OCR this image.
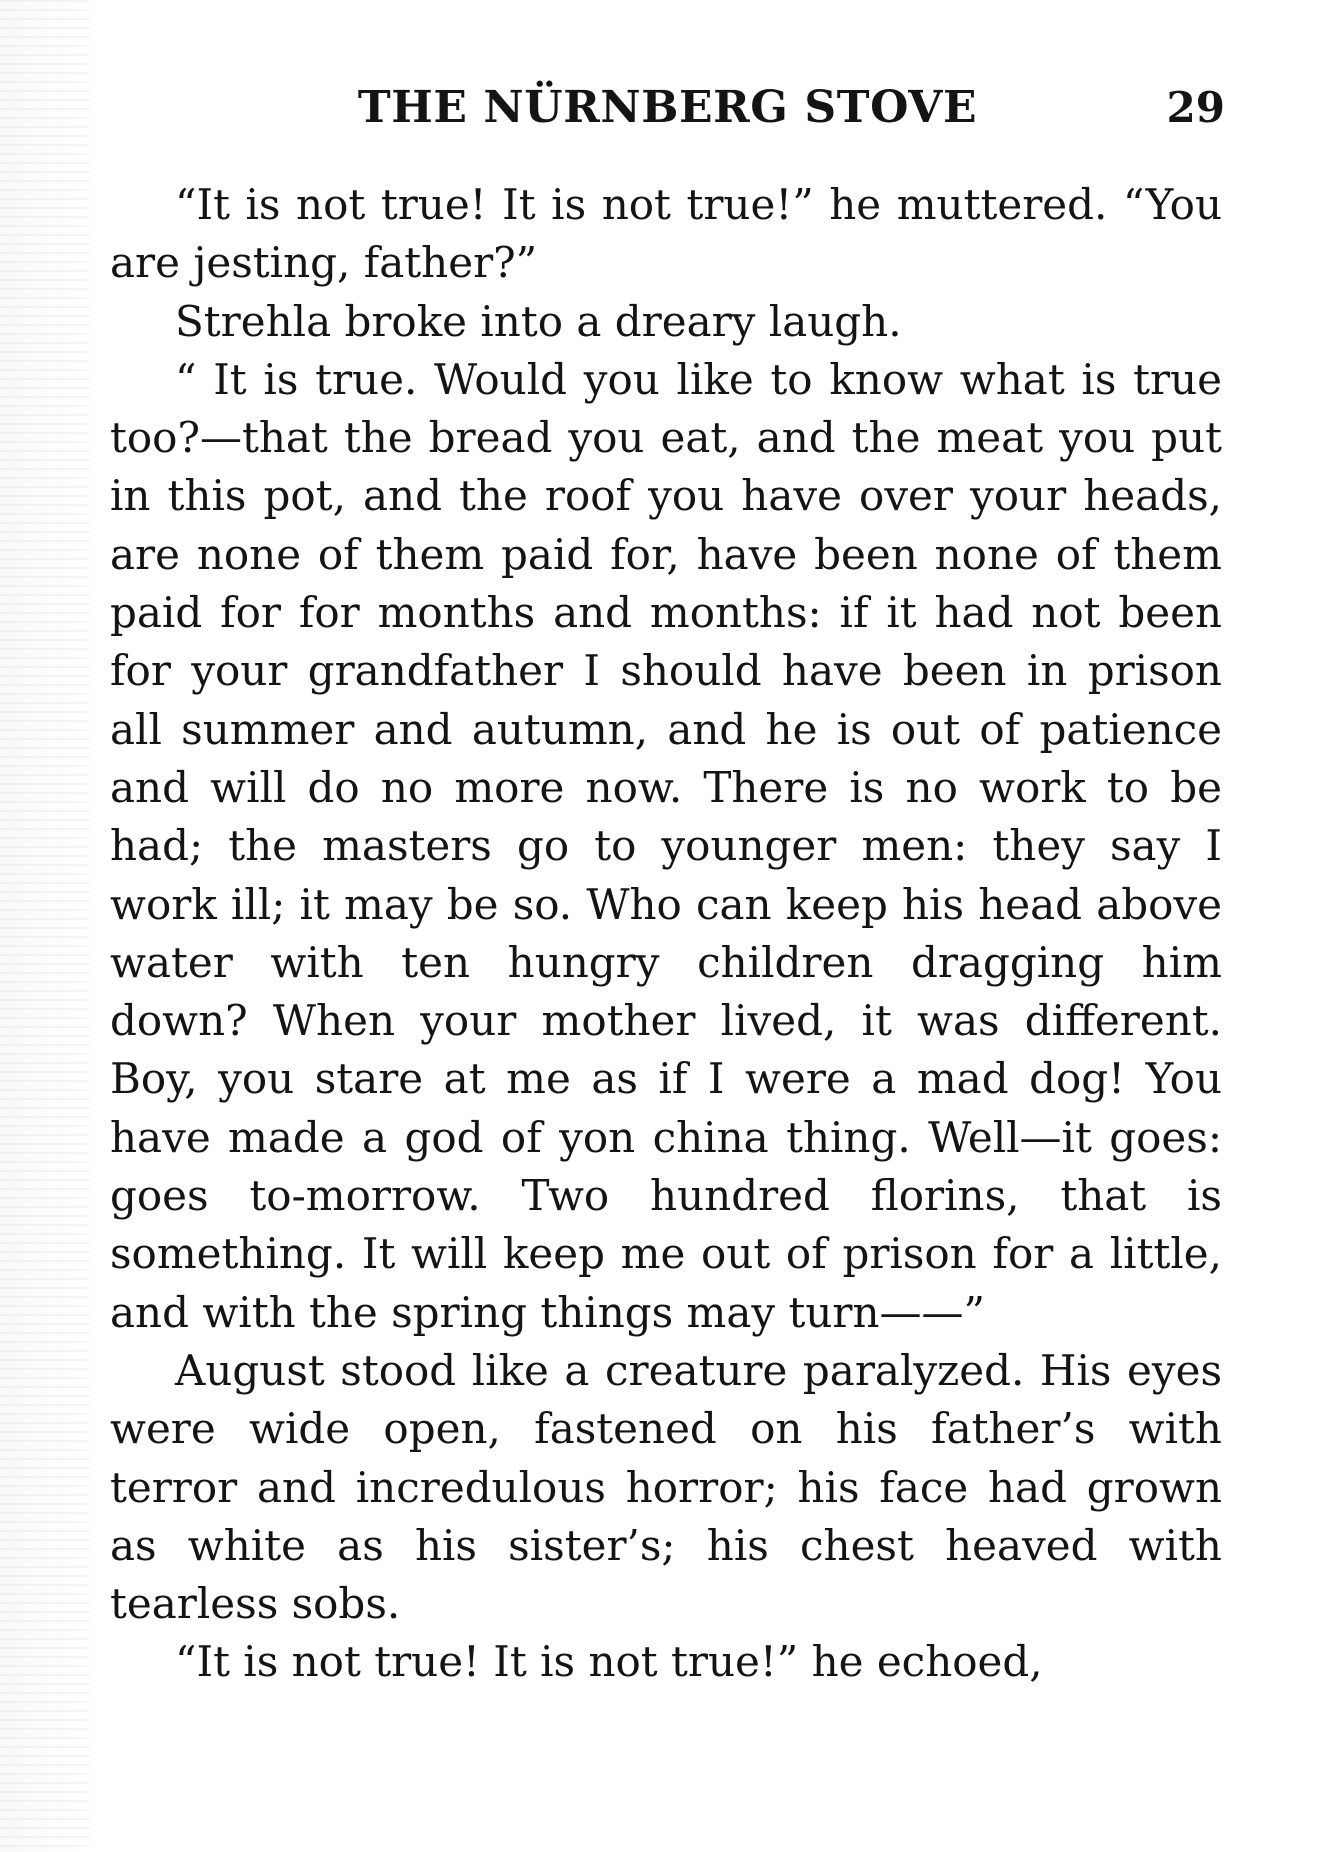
THE NÜRNBERG STOVE	29

“It is not true! It is not true!” he muttered. “You are jesting, father?”

Strehla broke into a dreary laugh.

“ It is true. Would you like to know what is true too?—that the bread you eat, and the meat you put in this pot, and the roof you have over your heads, are none of them paid for, have been none of them paid for for months and months: if it had not been for your grandfather I should have been in prison all summer and autumn, and he is out of patience and will do no more now. There is no work to be had; the masters go to younger men: they say I work ill; it may be so. Who can keep his head above water with ten hungry children dragging him down? When your mother lived, it was different. Boy, you stare at me as if I were a mad dog! You have made a god of yon china thing. Well—it goes: goes to-morrow. Two hundred florins, that is something. It will keep me out of prison for a little, and with the spring things may turn——”

August stood like a creature paralyzed. His eyes were wide open, fastened on his father’s with terror and incredulous horror; his face had grown as white as his sister’s; his chest heaved with tearless sobs.

“It is not true! It is not true!” he echoed,
